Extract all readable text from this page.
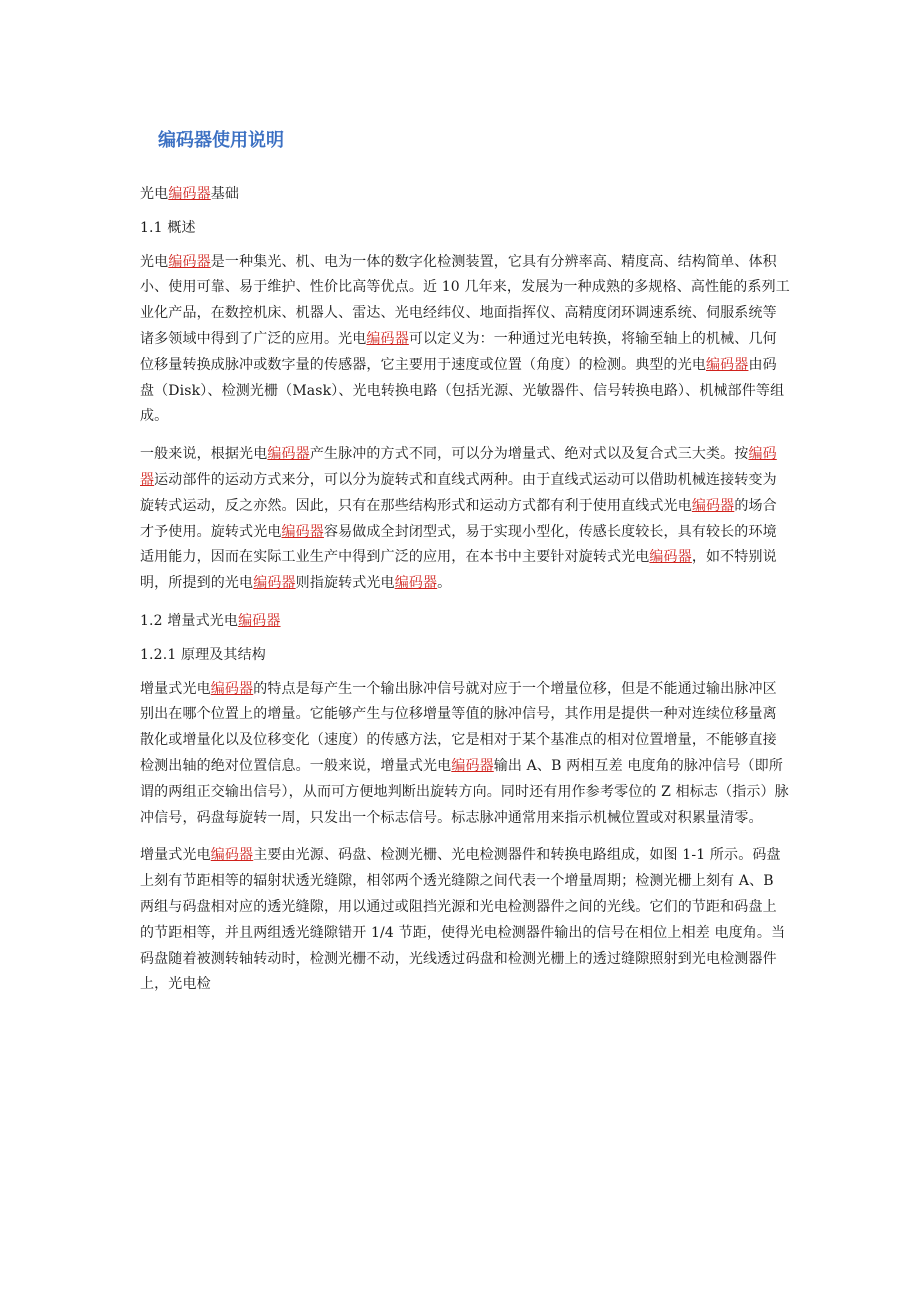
编码器使用说明

光电编码器基础

1.1 概述

光电编码器是一种集光、机、电为一体的数字化检测装置，它具有分辨率高、精度高、结构简单、体积小、使用可靠、易于维护、性价比高等优点。近 10 几年来，发展为一种成熟的多规格、高性能的系列工业化产品，在数控机床、机器人、雷达、光电经纬仪、地面指挥仪、高精度闭环调速系统、伺服系统等诸多领域中得到了广泛的应用。光电编码器可以定义为：一种通过光电转换，将输至轴上的机械、几何位移量转换成脉冲或数字量的传感器，它主要用于速度或位置（角度）的检测。典型的光电编码器由码盘（Disk）、检测光栅（Mask）、光电转换电路（包括光源、光敏器件、信号转换电路）、机械部件等组成。

一般来说，根据光电编码器产生脉冲的方式不同，可以分为增量式、绝对式以及复合式三大类。按编码器运动部件的运动方式来分，可以分为旋转式和直线式两种。由于直线式运动可以借助机械连接转变为旋转式运动，反之亦然。因此，只有在那些结构形式和运动方式都有利于使用直线式光电编码器的场合才予使用。旋转式光电编码器容易做成全封闭型式，易于实现小型化，传感长度较长，具有较长的环境适用能力，因而在实际工业生产中得到广泛的应用，在本书中主要针对旋转式光电编码器，如不特别说明，所提到的光电编码器则指旋转式光电编码器。

1.2 增量式光电编码器

1.2.1 原理及其结构

增量式光电编码器的特点是每产生一个输出脉冲信号就对应于一个增量位移，但是不能通过输出脉冲区别出在哪个位置上的增量。它能够产生与位移增量等值的脉冲信号，其作用是提供一种对连续位移量离散化或增量化以及位移变化（速度）的传感方法，它是相对于某个基准点的相对位置增量，不能够直接检测出轴的绝对位置信息。一般来说，增量式光电编码器输出 A、B 两相互差 电度角的脉冲信号（即所谓的两组正交输出信号），从而可方便地判断出旋转方向。同时还有用作参考零位的 Z 相标志（指示）脉冲信号，码盘每旋转一周，只发出一个标志信号。标志脉冲通常用来指示机械位置或对积累量清零。

增量式光电编码器主要由光源、码盘、检测光栅、光电检测器件和转换电路组成，如图 1-1 所示。码盘上刻有节距相等的辐射状透光缝隙，相邻两个透光缝隙之间代表一个增量周期；检测光栅上刻有 A、B 两组与码盘相对应的透光缝隙，用以通过或阻挡光源和光电检测器件之间的光线。它们的节距和码盘上的节距相等，并且两组透光缝隙错开 1/4 节距，使得光电检测器件输出的信号在相位上相差 电度角。当码盘随着被测转轴转动时，检测光栅不动，光线透过码盘和检测光栅上的透过缝隙照射到光电检测器件上，光电检
